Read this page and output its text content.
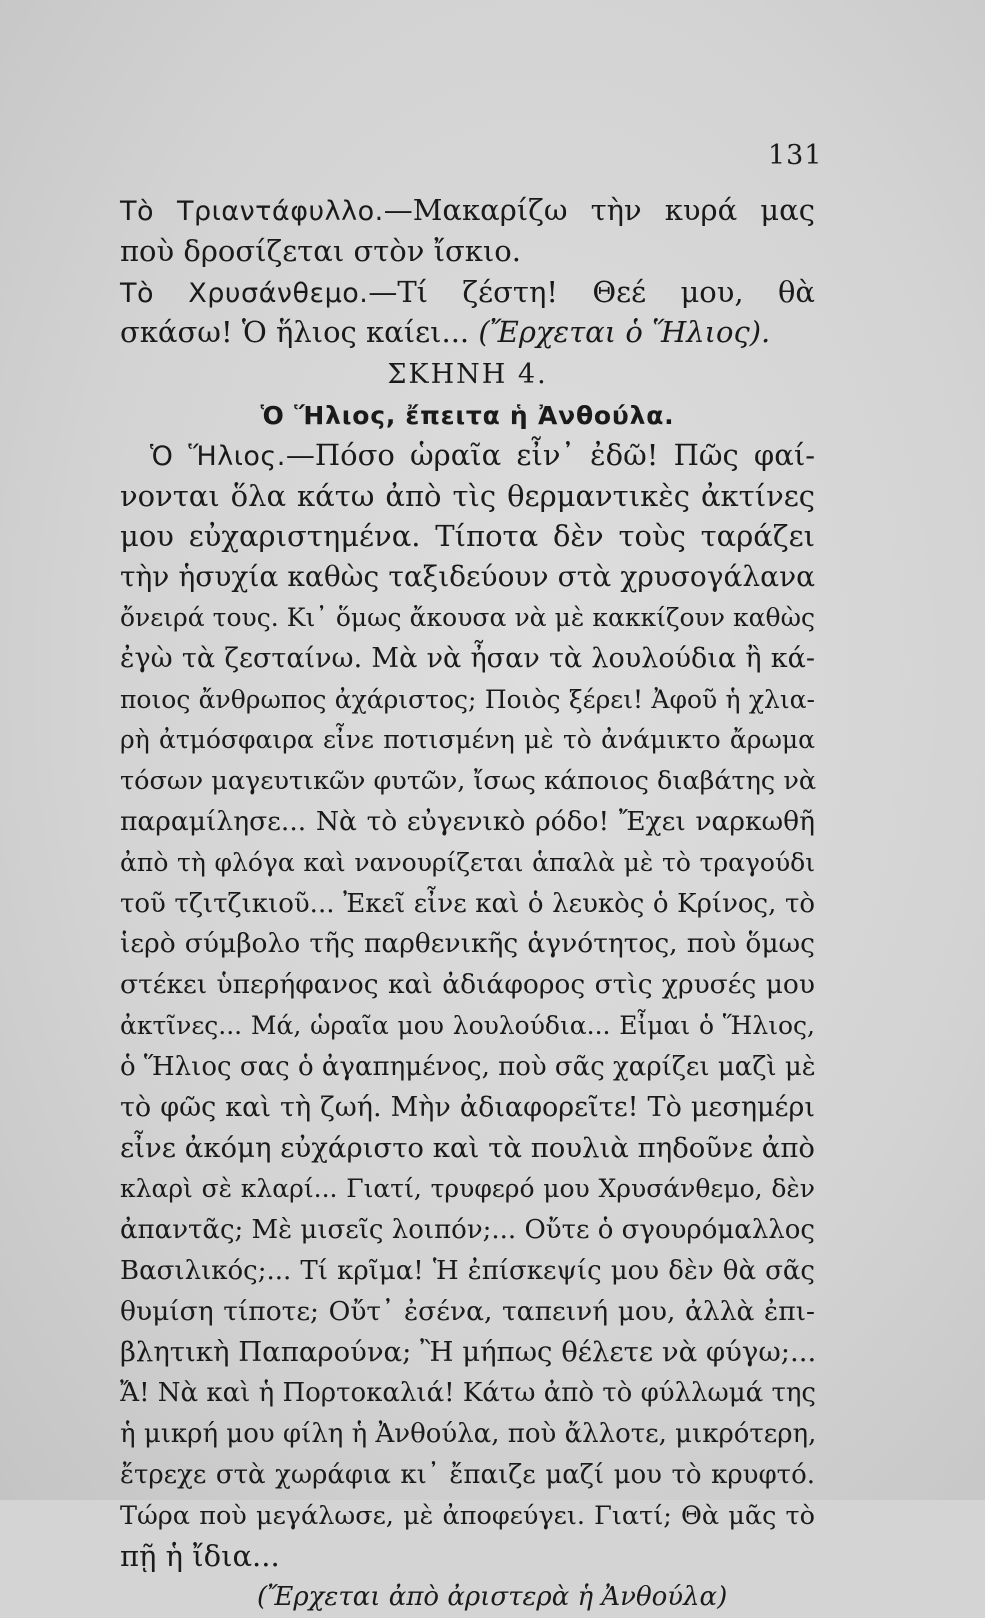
131
Τὸ Τριαντάφυλλο.—Μακαρίζω τὴν κυρά μας
ποὺ δροσίζεται στὸν ἴσκιο.
Τὸ Χρυσάνθεμο.—Τί ζέστη! Θεέ μου, θὰ
σκάσω! Ὁ ἥλιος καίει... (Ἔρχεται ὁ Ἥλιος).
ΣΚΗΝΗ 4.
Ὁ Ἥλιος, ἔπειτα ἡ Ἀνθούλα.
Ὁ Ἥλιος.—Πόσο ὡραῖα εἶν᾽ ἐδῶ! Πῶς φαί-
νονται ὅλα κάτω ἀπὸ τὶς θερμαντικὲς ἀκτίνες
μου εὐχαριστημένα. Τίποτα δὲν τοὺς ταράζει
τὴν ἡσυχία καθὼς ταξιδεύουν στὰ χρυσογάλανα
ὄνειρά τους. Κι᾽ ὅμως ἄκουσα νὰ μὲ κακκίζουν καθὼς
ἐγὼ τὰ ζεσταίνω. Μὰ νὰ ἦσαν τὰ λουλούδια ἢ κά-
ποιος ἄνθρωπος ἀχάριστος; Ποιὸς ξέρει! Ἀφοῦ ἡ χλια-
ρὴ ἀτμόσφαιρα εἶνε ποτισμένη μὲ τὸ ἀνάμικτο ἄρωμα
τόσων μαγευτικῶν φυτῶν, ἴσως κάποιος διαβάτης νὰ
παραμίλησε... Νὰ τὸ εὐγενικὸ ρόδο! Ἔχει ναρκωθῆ
ἀπὸ τὴ φλόγα καὶ νανουρίζεται ἁπαλὰ μὲ τὸ τραγούδι
τοῦ τζιτζικιοῦ... Ἐκεῖ εἶνε καὶ ὁ λευκὸς ὁ Κρίνος, τὸ
ἱερὸ σύμβολο τῆς παρθενικῆς ἁγνότητος, ποὺ ὅμως
στέκει ὑπερήφανος καὶ ἀδιάφορος στὶς χρυσές μου
ἀκτῖνες... Μά, ὡραῖα μου λουλούδια... Εἶμαι ὁ Ἥλιος,
ὁ Ἥλιος σας ὁ ἀγαπημένος, ποὺ σᾶς χαρίζει μαζὶ μὲ
τὸ φῶς καὶ τὴ ζωή. Μὴν ἀδιαφορεῖτε! Τὸ μεσημέρι
εἶνε ἀκόμη εὐχάριστο καὶ τὰ πουλιὰ πηδοῦνε ἀπὸ
κλαρὶ σὲ κλαρί... Γιατί, τρυφερό μου Χρυσάνθεμο, δὲν
ἀπαντᾶς; Μὲ μισεῖς λοιπόν;... Οὔτε ὁ σγουρόμαλλος
Βασιλικός;... Τί κρῖμα! Ἡ ἐπίσκεψίς μου δὲν θὰ σᾶς
θυμίση τίποτε; Οὔτ᾽ ἐσένα, ταπεινή μου, ἀλλὰ ἐπι-
βλητικὴ Παπαρούνα; Ἢ μήπως θέλετε νὰ φύγω;...
Ἄ! Νὰ καὶ ἡ Πορτοκαλιά! Κάτω ἀπὸ τὸ φύλλωμά της
ἡ μικρή μου φίλη ἡ Ἀνθούλα, ποὺ ἄλλοτε, μικρότερη,
ἔτρεχε στὰ χωράφια κι᾽ ἔπαιζε μαζί μου τὸ κρυφτό.
Τώρα ποὺ μεγάλωσε, μὲ ἀποφεύγει. Γιατί; Θὰ μᾶς τὸ
πῇ ἡ ἴδια...
(Ἔρχεται ἀπὸ ἀριστερὰ ἡ Ἀνθούλα)
